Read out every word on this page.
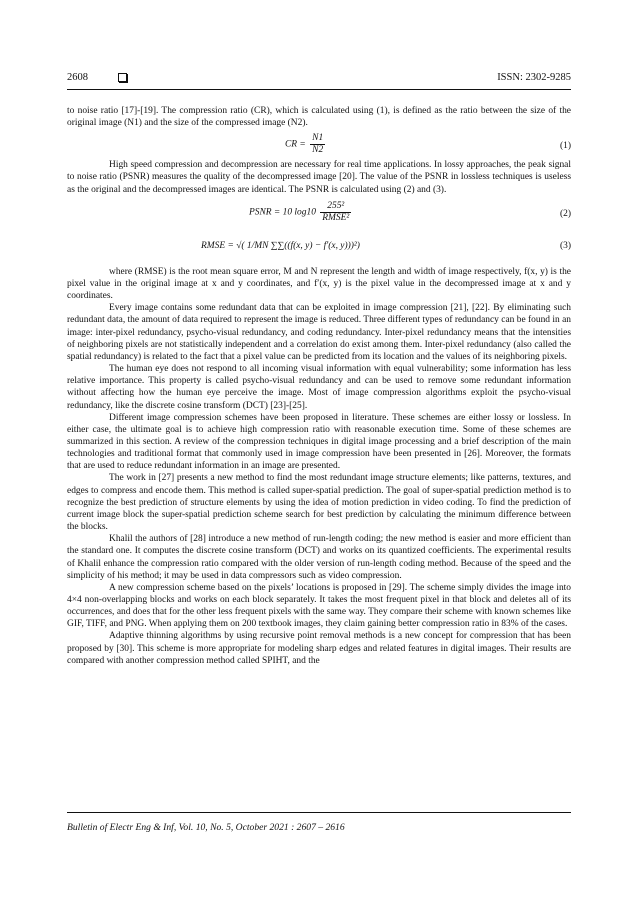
2608	ISSN: 2302-9285

to noise ratio [17]-[19]. The compression ratio (CR), which is calculated using (1), is defined as the ratio between the size of the original image (N1) and the size of the compressed image (N2).

CR = $\frac{N1}{N2}$	(1)

High speed compression and decompression are necessary for real time applications. In lossy approaches, the peak signal to noise ratio (PSNR) measures the quality of the decompressed image [20]. The value of the PSNR in lossless techniques is useless as the original and the decompressed images are identical. The PSNR is calculated using (2) and (3).

PSNR = 10 $\log 10 \frac{\text{255²}}{\text{RMSE²}}$	(2)
RMSE = √( 1/MN ∑∑((f(x, y) − f′(x, y)))²)	(3)

where (RMSE) is the root mean square error, M and N represent the length and width of image respectively, f(x, y) is the pixel value in the original image at x and y coordinates, and f′(x, y) is the pixel value in the decompressed image at x and y coordinates.

Every image contains some redundant data that can be exploited in image compression [21], [22]. By eliminating such redundant data, the amount of data required to represent the image is reduced. Three different types of redundancy can be found in an image: inter-pixel redundancy, psycho-visual redundancy, and coding redundancy. Inter-pixel redundancy means that the intensities of neighboring pixels are not statistically independent and a correlation do exist among them. Inter-pixel redundancy (also called the spatial redundancy) is related to the fact that a pixel value can be predicted from its location and the values of its neighboring pixels.

The human eye does not respond to all incoming visual information with equal vulnerability; some information has less relative importance. This property is called psycho-visual redundancy and can be used to remove some redundant information without affecting how the human eye perceive the image. Most of image compression algorithms exploit the psycho-visual redundancy, like the discrete cosine transform (DCT) [23]-[25].

Different image compression schemes have been proposed in literature. These schemes are either lossy or lossless. In either case, the ultimate goal is to achieve high compression ratio with reasonable execution time. Some of these schemes are summarized in this section. A review of the compression techniques in digital image processing and a brief description of the main technologies and traditional format that commonly used in image compression have been presented in [26]. Moreover, the formats that are used to reduce redundant information in an image are presented.

The work in [27] presents a new method to find the most redundant image structure elements; like patterns, textures, and edges to compress and encode them. This method is called super-spatial prediction. The goal of super-spatial prediction method is to recognize the best prediction of structure elements by using the idea of motion prediction in video coding. To find the prediction of current image block the super-spatial prediction scheme search for best prediction by calculating the minimum difference between the blocks.

Khalil the authors of [28] introduce a new method of run-length coding; the new method is easier and more efficient than the standard one. It computes the discrete cosine transform (DCT) and works on its quantized coefficients. The experimental results of Khalil enhance the compression ratio compared with the older version of run-length coding method. Because of the speed and the simplicity of his method; it may be used in data compressors such as video compression.

A new compression scheme based on the pixels’ locations is proposed in [29]. The scheme simply divides the image into 4×4 non-overlapping blocks and works on each block separately. It takes the most frequent pixel in that block and deletes all of its occurrences, and does that for the other less frequent pixels with the same way. They compare their scheme with known schemes like GIF, TIFF, and PNG. When applying them on 200 textbook images, they claim gaining better compression ratio in 83% of the cases.

Adaptive thinning algorithms by using recursive point removal methods is a new concept for compression that has been proposed by [30]. This scheme is more appropriate for modeling sharp edges and related features in digital images. Their results are compared with another compression method called SPIHT, and the

Bulletin of Electr Eng & Inf, Vol. 10, No. 5, October 2021 : 2607 – 2616
